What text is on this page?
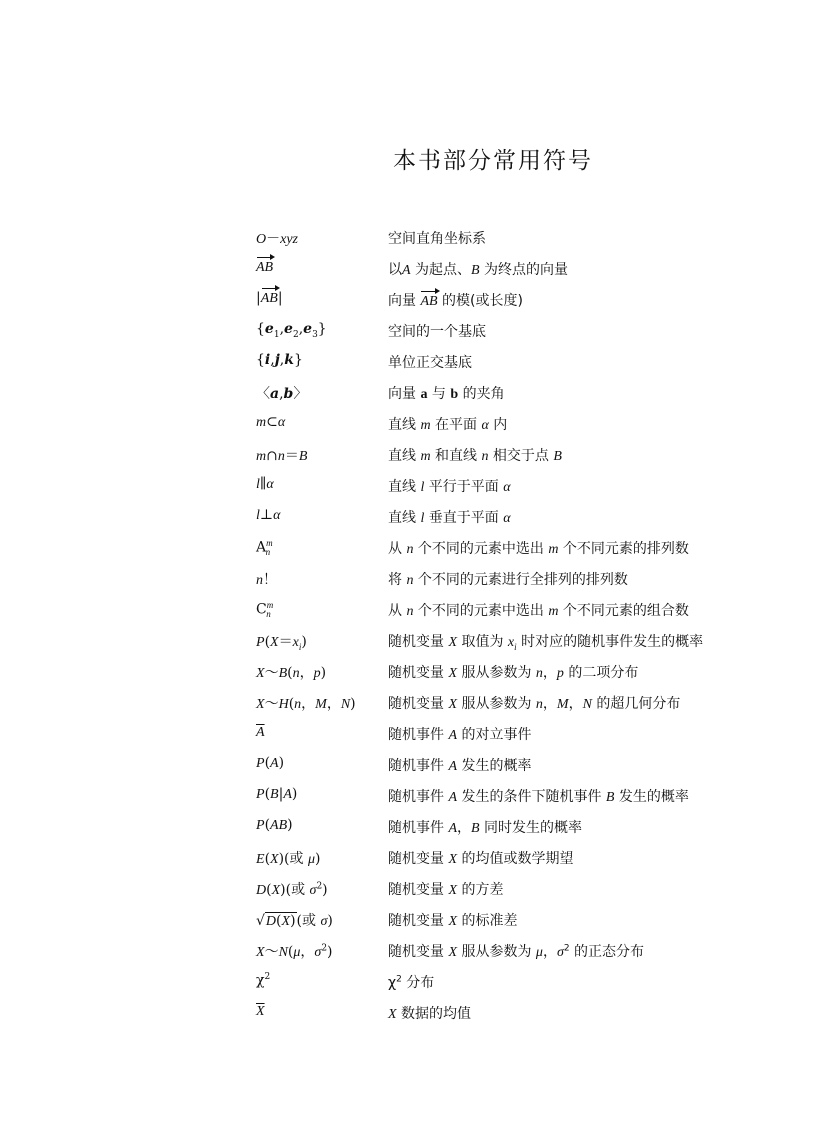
本书部分常用符号
O－xyz	空间直角坐标系
AB	以A 为起点、B 为终点的向量
|AB|	向量 AB 的模(或长度)
$\{e_1,e_2,e_3\}$	空间的一个基底
{i,j,k}	单位正交基底
〈a,b〉	向量 a 与 b 的夹角
m⊂α	直线 m 在平面 α 内
m∩n＝B	直线 m 和直线 n 相交于点 B
l∥α	直线 l 平行于平面 α
l⊥α	直线 l 垂直于平面 α
$A^m_n$	从 n 个不同的元素中选出 m 个不同元素的排列数
n！	将 n 个不同的元素进行全排列的排列数
$C^m_n$	从 n 个不同的元素中选出 m 个不同元素的组合数
$P(X=x_i)$	随机变量 X 取值为 $x_i$ 时对应的随机事件发生的概率
X～B(n，p)	随机变量 X 服从参数为 n，p 的二项分布
X～H(n，M，N)	随机变量 X 服从参数为 n，M，N 的超几何分布
$\overline{A}$	随机事件 A 的对立事件
P(A)	随机事件 A 发生的概率
P(B|A)	随机事件 A 发生的条件下随机事件 B 发生的概率
P(AB)	随机事件 A，B 同时发生的概率
E(X)(或 μ)	随机变量 X 的均值或数学期望
D(X)(或 $\sigma^2$)	随机变量 X 的方差
√D(X)(或 σ)	随机变量 X 的标准差
X～N(μ，$\sigma^2$)	随机变量 X 服从参数为 μ，$\sigma^2$ 的正态分布
$\chi^2$	$\chi^2$ 分布
$\overline{X}$	X 数据的均值
